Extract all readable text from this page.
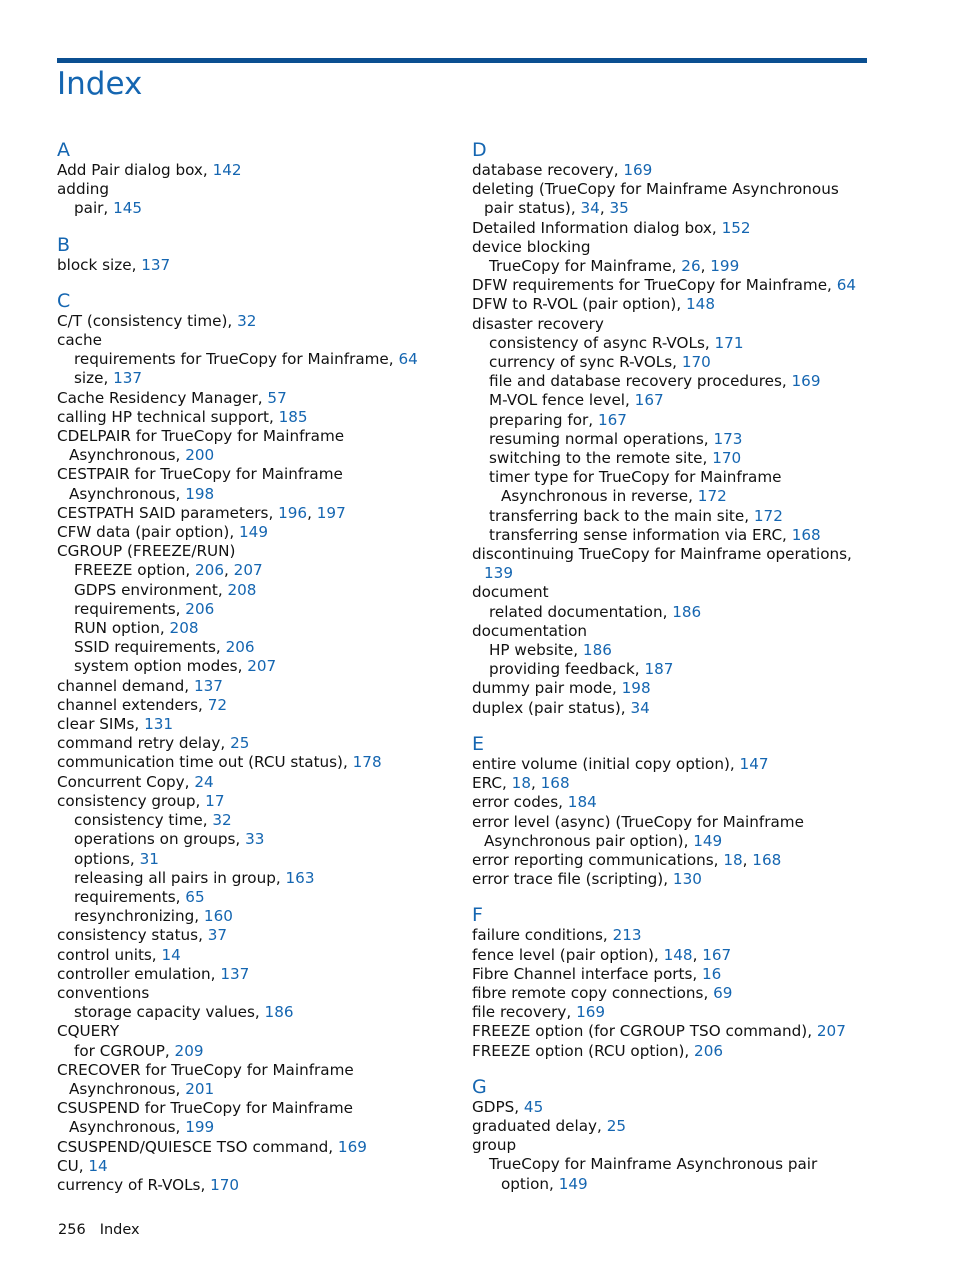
Index
A
Add Pair dialog box, 142
adding
pair, 145
B
block size, 137
C
C/T (consistency time), 32
cache
requirements for TrueCopy for Mainframe, 64
size, 137
Cache Residency Manager, 57
calling HP technical support, 185
CDELPAIR for TrueCopy for Mainframe Asynchronous, 200
CESTPAIR for TrueCopy for Mainframe Asynchronous, 198
CESTPATH SAID parameters, 196, 197
CFW data (pair option), 149
CGROUP (FREEZE/RUN)
FREEZE option, 206, 207
GDPS environment, 208
requirements, 206
RUN option, 208
SSID requirements, 206
system option modes, 207
channel demand, 137
channel extenders, 72
clear SIMs, 131
command retry delay, 25
communication time out (RCU status), 178
Concurrent Copy, 24
consistency group, 17
consistency time, 32
operations on groups, 33
options, 31
releasing all pairs in group, 163
requirements, 65
resynchronizing, 160
consistency status, 37
control units, 14
controller emulation, 137
conventions
storage capacity values, 186
CQUERY
for CGROUP, 209
CRECOVER for TrueCopy for Mainframe Asynchronous, 201
CSUSPEND for TrueCopy for Mainframe Asynchronous, 199
CSUSPEND/QUIESCE TSO command, 169
CU, 14
currency of R-VOLs, 170
D
database recovery, 169
deleting (TrueCopy for Mainframe Asynchronous pair status), 34, 35
Detailed Information dialog box, 152
device blocking
TrueCopy for Mainframe, 26, 199
DFW requirements for TrueCopy for Mainframe, 64
DFW to R-VOL (pair option), 148
disaster recovery
consistency of async R-VOLs, 171
currency of sync R-VOLs, 170
file and database recovery procedures, 169
M-VOL fence level, 167
preparing for, 167
resuming normal operations, 173
switching to the remote site, 170
timer type for TrueCopy for Mainframe Asynchronous in reverse, 172
transferring back to the main site, 172
transferring sense information via ERC, 168
discontinuing TrueCopy for Mainframe operations, 139
document
related documentation, 186
documentation
HP website, 186
providing feedback, 187
dummy pair mode, 198
duplex (pair status), 34
E
entire volume (initial copy option), 147
ERC, 18, 168
error codes, 184
error level (async) (TrueCopy for Mainframe Asynchronous pair option), 149
error reporting communications, 18, 168
error trace file (scripting), 130
F
failure conditions, 213
fence level (pair option), 148, 167
Fibre Channel interface ports, 16
fibre remote copy connections, 69
file recovery, 169
FREEZE option (for CGROUP TSO command), 207
FREEZE option (RCU option), 206
G
GDPS, 45
graduated delay, 25
group
TrueCopy for Mainframe Asynchronous pair option, 149
256 Index
